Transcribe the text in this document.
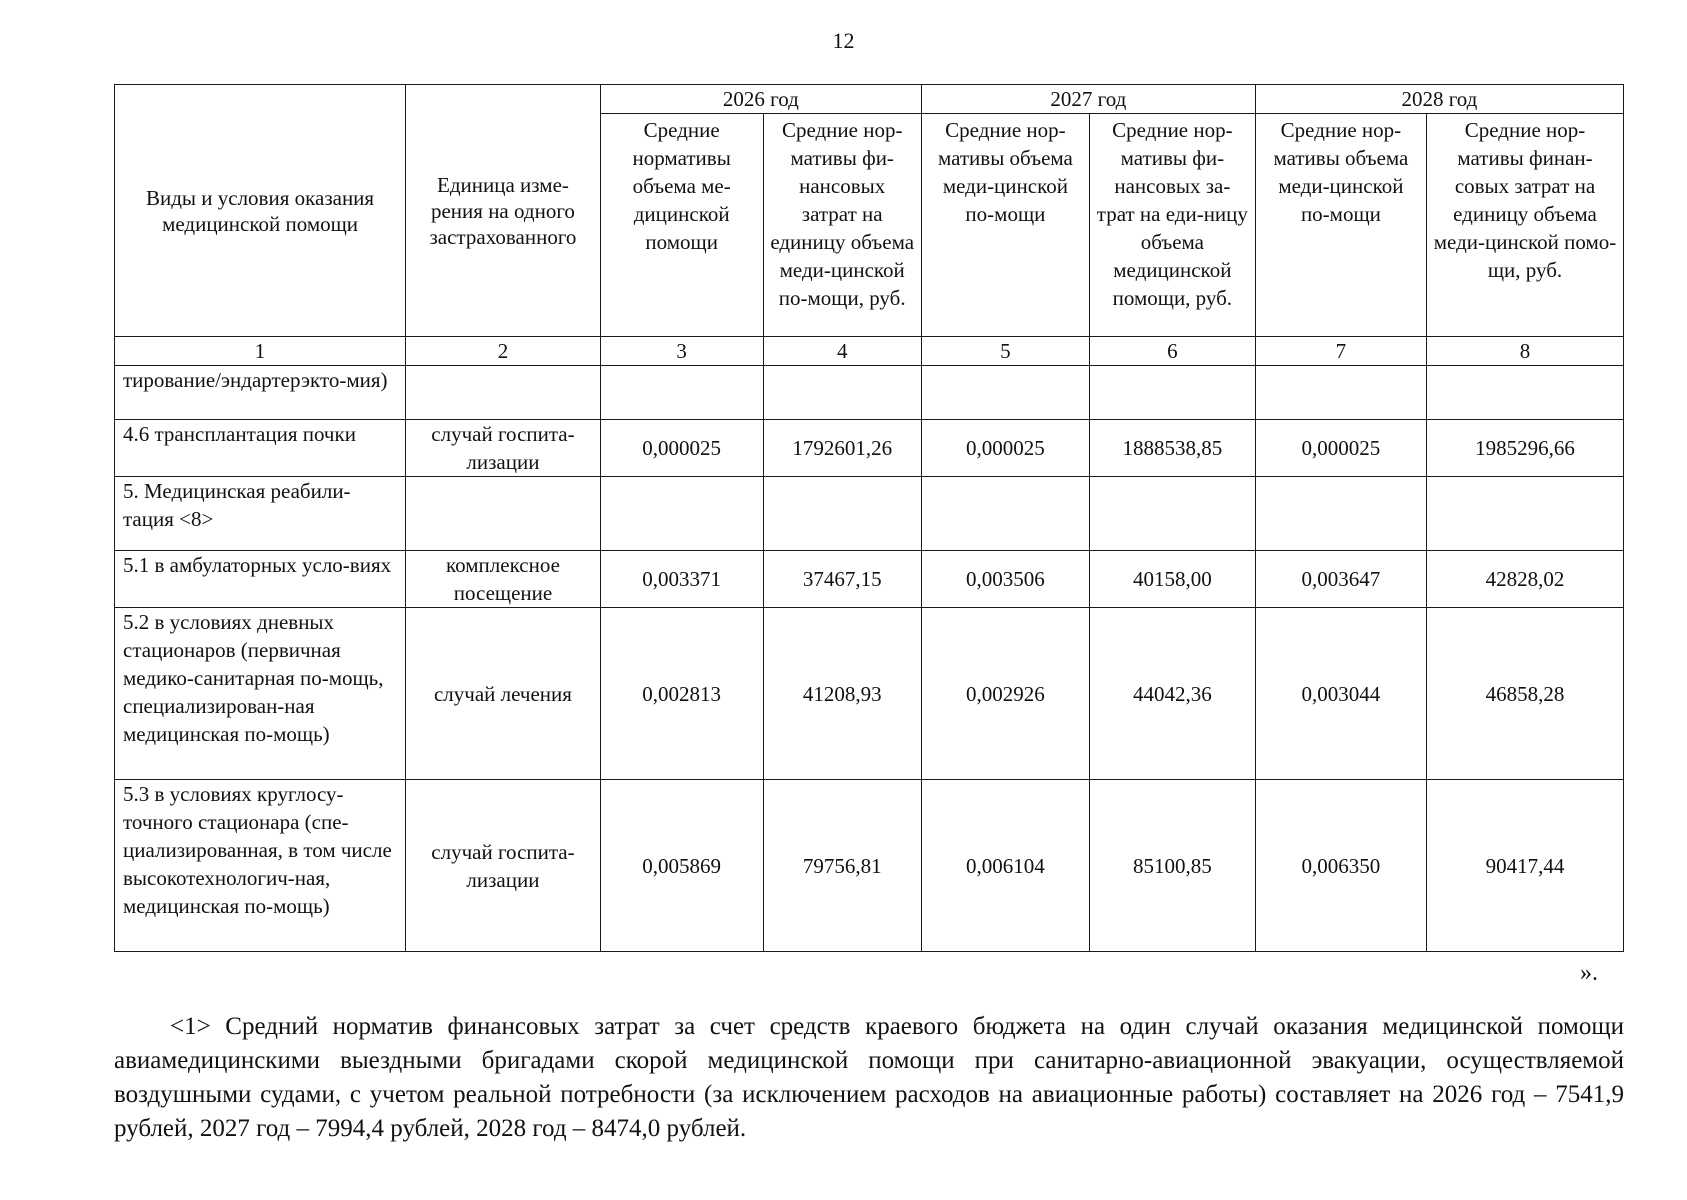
12
Виды и условия оказания медицинской помощи	Единица изме-рения на одного застрахованного	2026 год		2027 год		2028 год	
		Средние нормативы объема ме-дицинской помощи	Средние нор-мативы фи-нансовых затрат на единицу объема меди-цинской по-мощи, руб.	Средние нор-мативы объема меди-цинской по-мощи	Средние нор-мативы фи-нансовых за-трат на еди-ницу объема медицинской помощи, руб.	Средние нор-мативы объема меди-цинской по-мощи	Средние нор-мативы финан-совых затрат на единицу объема меди-цинской помо-щи, руб.
1	2	3	4	5	6	7	8
тирование/эндартерэкто-мия)							
4.6 трансплантация почки	случай госпита-лизации	0,000025	1792601,26	0,000025	1888538,85	0,000025	1985296,66
5. Медицинская реабили-тация <8>							
5.1 в амбулаторных усло-виях	комплексное посещение	0,003371	37467,15	0,003506	40158,00	0,003647	42828,02
5.2 в условиях дневных стационаров (первичная медико-санитарная по-мощь, специализирован-ная медицинская по-мощь)	случай лечения	0,002813	41208,93	0,002926	44042,36	0,003044	46858,28
5.3 в условиях круглосу-точного стационара (спе-циализированная, в том числе высокотехнологич-ная, медицинская по-мощь)	случай госпита-лизации	0,005869	79756,81	0,006104	85100,85	0,006350	90417,44
».

<1> Средний норматив финансовых затрат за счет средств краевого бюджета на один случай оказания медицинской помощи авиамедицинскими выездными бригадами скорой медицинской помощи при санитарно-авиационной эвакуации, осуществляемой воздушными судами, с учетом реальной потребности (за исключением расходов на авиационные работы) составляет на 2026 год – 7541,9 рублей, 2027 год – 7994,4 рублей, 2028 год – 8474,0 рублей.
